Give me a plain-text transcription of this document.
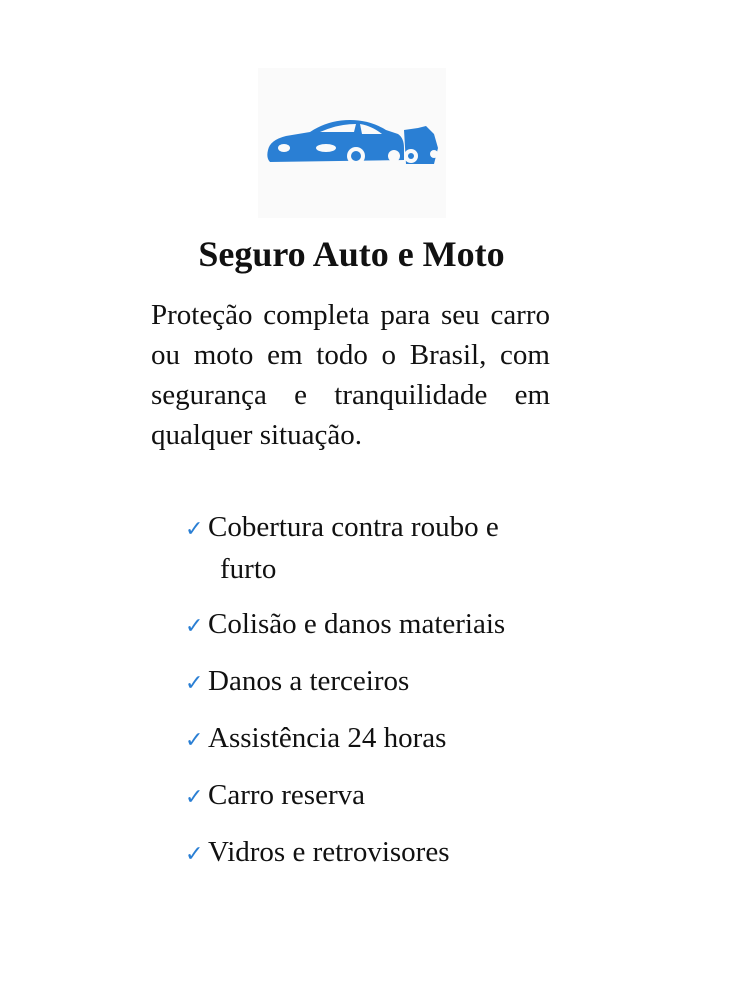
Seguro Auto e Moto

Proteção completa para seu carro ou moto em todo o Brasil, com segurança e tranquilidade em qualquer situação.

✓ Cobertura contra roubo e furto
✓ Colisão e danos materiais
✓ Danos a terceiros
✓ Assistência 24 horas
✓ Carro reserva
✓ Vidros e retrovisores
